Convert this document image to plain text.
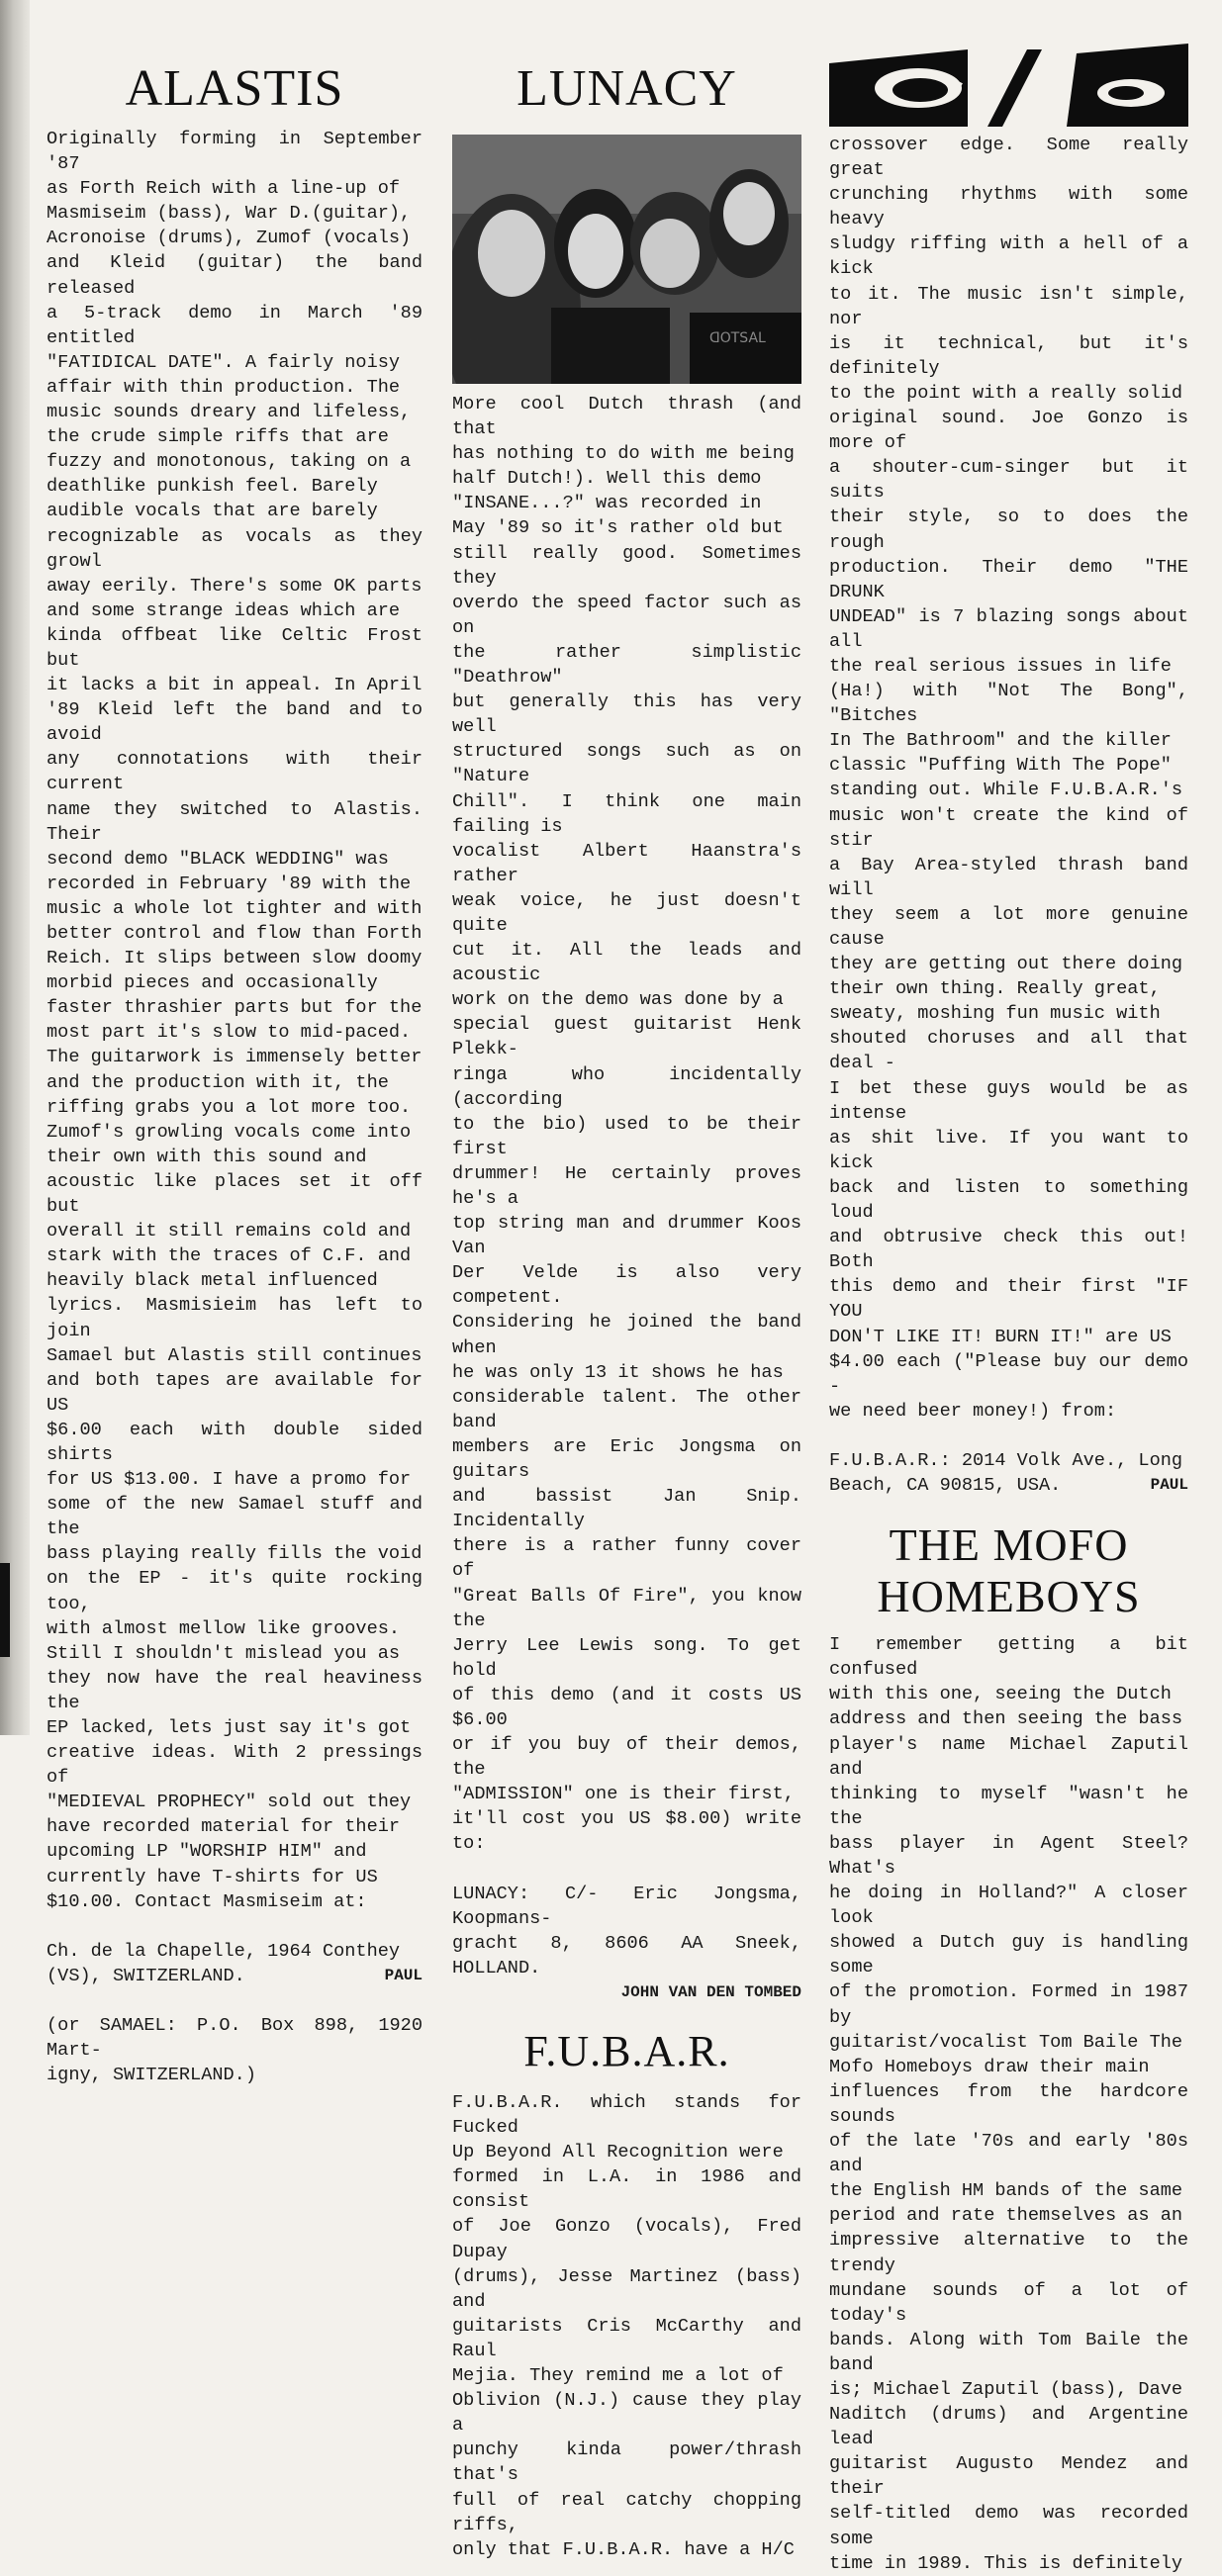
ALASTIS

Originally forming in September '87
as Forth Reich with a line-up of
Masmiseim (bass), War D.(guitar),
Acronoise (drums), Zumof (vocals)
and Kleid (guitar) the band released
a 5-track demo in March '89 entitled
"FATIDICAL DATE". A fairly noisy
affair with thin production. The
music sounds dreary and lifeless,
the crude simple riffs that are
fuzzy and monotonous, taking on a
deathlike punkish feel. Barely
audible vocals that are barely
recognizable as vocals as they growl
away eerily. There's some OK parts
and some strange ideas which are
kinda offbeat like Celtic Frost but
it lacks a bit in appeal. In April
'89 Kleid left the band and to avoid
any connotations with their current
name they switched to Alastis. Their
second demo "BLACK WEDDING" was
recorded in February '89 with the
music a whole lot tighter and with
better control and flow than Forth
Reich. It slips between slow doomy
morbid pieces and occasionally
faster thrashier parts but for the
most part it's slow to mid-paced.
The guitarwork is immensely better
and the production with it, the
riffing grabs you a lot more too.
Zumof's growling vocals come into
their own with this sound and
acoustic like places set it off but
overall it still remains cold and
stark with the traces of C.F. and
heavily black metal influenced
lyrics. Masmisieim has left to join
Samael but Alastis still continues
and both tapes are available for US
$6.00 each with double sided shirts
for US $13.00. I have a promo for
some of the new Samael stuff and the
bass playing really fills the void
on the EP - it's quite rocking too,
with almost mellow like grooves.
Still I shouldn't mislead you as
they now have the real heaviness the
EP lacked, lets just say it's got
creative ideas. With 2 pressings of
"MEDIEVAL PROPHECY" sold out they
have recorded material for their
upcoming LP "WORSHIP HIM" and
currently have T-shirts for US
$10.00. Contact Masmiseim at:

Ch. de la Chapelle, 1964 Conthey
(VS), SWITZERLAND.	PAUL

(or SAMAEL: P.O. Box 898, 1920 Mart-
igny, SWITZERLAND.)

LUNACY
ᗡOTSAL

More cool Dutch thrash (and that
has nothing to do with me being
half Dutch!). Well this demo
"INSANE...?" was recorded in
May '89 so it's rather old but
still really good. Sometimes they
overdo the speed factor such as on
the rather simplistic "Deathrow"
but generally this has very well
structured songs such as on "Nature
Chill". I think one main failing is
vocalist Albert Haanstra's rather
weak voice, he just doesn't quite
cut it. All the leads and acoustic
work on the demo was done by a
special guest guitarist Henk Plekk-
ringa who incidentally (according
to the bio) used to be their first
drummer! He certainly proves he's a
top string man and drummer Koos Van
Der Velde is also very competent.
Considering he joined the band when
he was only 13 it shows he has
considerable talent. The other band
members are Eric Jongsma on guitars
and bassist Jan Snip. Incidentally
there is a rather funny cover of
"Great Balls Of Fire", you know the
Jerry Lee Lewis song. To get hold
of this demo (and it costs US $6.00
or if you buy of their demos, the
"ADMISSION" one is their first,
it'll cost you US $8.00) write to:

LUNACY: C/- Eric Jongsma, Koopmans-
gracht 8, 8606 AA Sneek, HOLLAND.

JOHN VAN DEN TOMBED
F.U.B.A.R.

F.U.B.A.R. which stands for Fucked
Up Beyond All Recognition were
formed in L.A. in 1986 and consist
of Joe Gonzo (vocals), Fred Dupay
(drums), Jesse Martinez (bass) and
guitarists Cris McCarthy and Raul
Mejia. They remind me a lot of
Oblivion (N.J.) cause they play a
punchy kinda power/thrash that's
full of real catchy chopping riffs,
only that F.U.B.A.R. have a H/C

crossover edge. Some really great
crunching rhythms with some heavy
sludgy riffing with a hell of a kick
to it. The music isn't simple, nor
is it technical, but it's definitely
to the point with a really solid
original sound. Joe Gonzo is more of
a shouter-cum-singer but it suits
their style, so to does the rough
production. Their demo "THE DRUNK
UNDEAD" is 7 blazing songs about all
the real serious issues in life
(Ha!) with "Not The Bong", "Bitches
In The Bathroom" and the killer
classic "Puffing With The Pope"
standing out. While F.U.B.A.R.'s
music won't create the kind of stir
a Bay Area-styled thrash band will
they seem a lot more genuine cause
they are getting out there doing
their own thing. Really great,
sweaty, moshing fun music with
shouted choruses and all that deal -
I bet these guys would be as intense
as shit live. If you want to kick
back and listen to something loud
and obtrusive check this out! Both
this demo and their first "IF YOU
DON'T LIKE IT! BURN IT!" are US
$4.00 each ("Please buy our demo -
we need beer money!) from:

F.U.B.A.R.: 2014 Volk Ave., Long
Beach, CA 90815, USA.	PAUL
THE MOFO
HOMEBOYS

I remember getting a bit confused
with this one, seeing the Dutch
address and then seeing the bass
player's name Michael Zaputil and
thinking to myself "wasn't he the
bass player in Agent Steel? What's
he doing in Holland?" A closer look
showed a Dutch guy is handling some
of the promotion. Formed in 1987 by
guitarist/vocalist Tom Baile The
Mofo Homeboys draw their main
influences from the hardcore sounds
of the late '70s and early '80s and
the English HM bands of the same
period and rate themselves as an
impressive alternative to the trendy
mundane sounds of a lot of today's
bands. Along with Tom Baile the band
is; Michael Zaputil (bass), Dave
Naditch (drums) and Argentine lead
guitarist Augusto Mendez and their
self-titled demo was recorded some
time in 1989. This is definitely
